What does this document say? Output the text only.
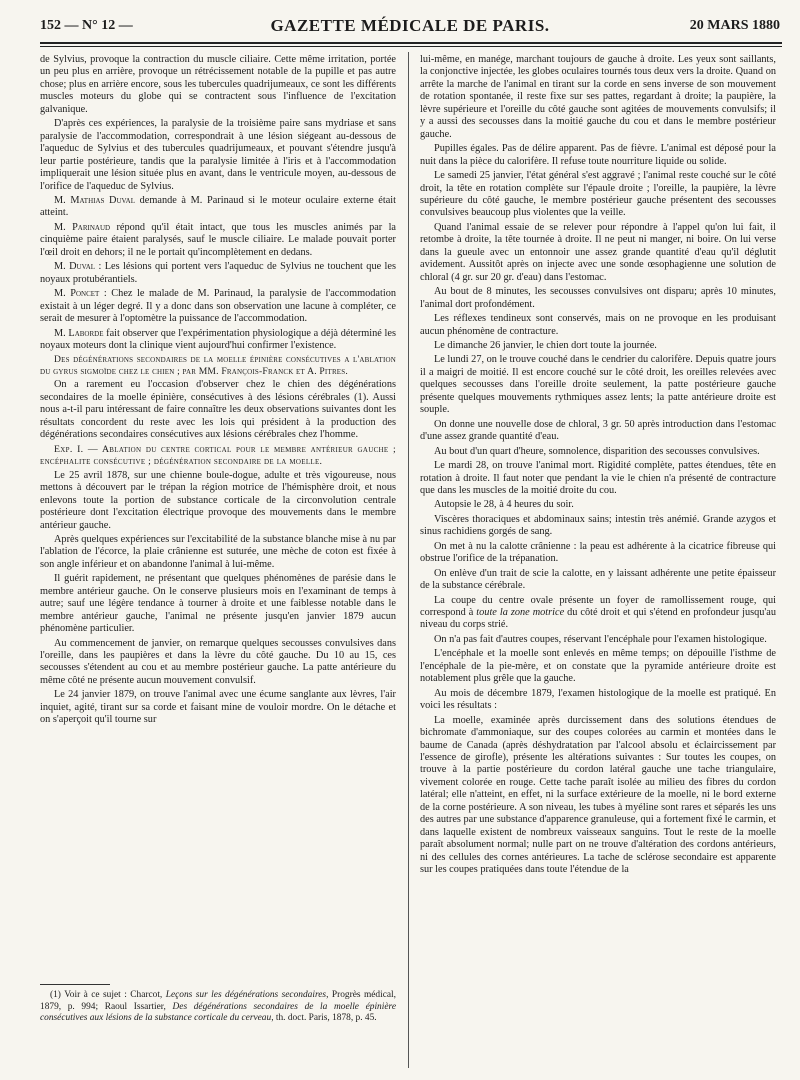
152 — N° 12 —	GAZETTE MÉDICALE DE PARIS.	20 MARS 1880

de Sylvius, provoque la contraction du muscle ciliaire. Cette même irritation, portée un peu plus en arrière, provoque un rétrécissement notable de la pupille et pas autre chose; plus en arrière encore, sous les tubercules quadrijumeaux, ce sont les différents muscles moteurs du globe qui se contractent sous l'influence de l'excitation galvanique.

D'après ces expériences, la paralysie de la troisième paire sans mydriase et sans paralysie de l'accommodation, correspondrait à une lésion siégeant au-dessous de l'aqueduc de Sylvius et des tubercules quadrijumeaux, et pouvant s'étendre jusqu'à leur partie postérieure, tandis que la paralysie limitée à l'iris et à l'accommodation impliquerait une lésion située plus en avant, dans le ventricule moyen, au-dessous de l'orifice de l'aqueduc de Sylvius.

M. Mathias Duval demande à M. Parinaud si le moteur oculaire externe était atteint.

M. Parinaud répond qu'il était intact, que tous les muscles animés par la cinquième paire étaient paralysés, sauf le muscle ciliaire. Le malade pouvait porter l'œil droit en dehors; il ne le portait qu'incomplètement en dedans.

M. Duval : Les lésions qui portent vers l'aqueduc de Sylvius ne touchent que les noyaux protubérantiels.

M. Poncet : Chez le malade de M. Parinaud, la paralysie de l'accommodation existait à un léger degré. Il y a donc dans son observation une lacune à compléter, ce serait de mesurer à l'optomètre la puissance de l'accommodation.

M. Laborde fait observer que l'expérimentation physiologique a déjà déterminé les noyaux moteurs dont la clinique vient aujourd'hui confirmer l'existence.

Des dégénérations secondaires de la moelle épinière consécutives a l'ablation du gyrus sigmoïde chez le chien ; par MM. François-Franck et A. Pitres.

On a rarement eu l'occasion d'observer chez le chien des dégénérations secondaires de la moelle épinière, consécutives à des lésions cérébrales (1). Aussi nous a-t-il paru intéressant de faire connaître les deux observations suivantes dont les résultats concordent du reste avec les lois qui président à la production des dégénérations secondaires consécutives aux lésions cérébrales chez l'homme.

Exp. I. — Ablation du centre cortical pour le membre antérieur gauche ; encéphalite consécutive ; dégénération secondaire de la moelle.

Le 25 avril 1878, sur une chienne boule-dogue, adulte et très vigoureuse, nous mettons à découvert par le trépan la région motrice de l'hémisphère droit, et nous enlevons toute la portion de substance corticale de la circonvolution centrale postérieure dont l'excitation électrique provoque des mouvements dans le membre antérieur gauche.

Après quelques expériences sur l'excitabilité de la substance blanche mise à nu par l'ablation de l'écorce, la plaie crânienne est suturée, une mèche de coton est fixée à son angle inférieur et on abandonne l'animal à lui-même.

Il guérit rapidement, ne présentant que quelques phénomènes de parésie dans le membre antérieur gauche. On le conserve plusieurs mois en l'examinant de temps à autre; sauf une légère tendance à tourner à droite et une faiblesse notable dans le membre antérieur gauche, l'animal ne présente jusqu'en janvier 1879 aucun phénomène particulier.

Au commencement de janvier, on remarque quelques secousses convulsives dans l'oreille, dans les paupières et dans la lèvre du côté gauche. Du 10 au 15, ces secousses s'étendent au cou et au membre postérieur gauche. La patte antérieure du même côté ne présente aucun mouvement convulsif.

Le 24 janvier 1879, on trouve l'animal avec une écume sanglante aux lèvres, l'air inquiet, agité, tirant sur sa corde et faisant mine de vouloir mordre. On le détache et on s'aperçoit qu'il tourne sur

(1) Voir à ce sujet : Charcot, Leçons sur les dégénérations secondaires, Progrès médical, 1879, p. 994; Raoul Issartier, Des dégénérations secondaires de la moelle épinière consécutives aux lésions de la substance corticale du cerveau, th. doct. Paris, 1878, p. 45.

lui-même, en manége, marchant toujours de gauche à droite. Les yeux sont saillants, la conjonctive injectée, les globes oculaires tournés tous deux vers la droite. Quand on arrête la marche de l'animal en tirant sur la corde en sens inverse de son mouvement de rotation spontanée, il reste fixe sur ses pattes, regardant à droite; la paupière, la lèvre supérieure et l'oreille du côté gauche sont agitées de mouvements convulsifs; il y a aussi des secousses dans la moitié gauche du cou et dans le membre postérieur gauche.

Pupilles égales. Pas de délire apparent. Pas de fièvre. L'animal est déposé pour la nuit dans la pièce du calorifère. Il refuse toute nourriture liquide ou solide.

Le samedi 25 janvier, l'état général s'est aggravé ; l'animal reste couché sur le côté droit, la tête en rotation complète sur l'épaule droite ; l'oreille, la paupière, la lèvre supérieure du côté gauche, le membre postérieur gauche présentent des secousses convulsives beaucoup plus violentes que la veille.

Quand l'animal essaie de se relever pour répondre à l'appel qu'on lui fait, il retombe à droite, la tête tournée à droite. Il ne peut ni manger, ni boire. On lui verse dans la gueule avec un entonnoir une assez grande quantité d'eau qu'il déglutit avidement. Aussitôt après on injecte avec une sonde œsophagienne une solution de chloral (4 gr. sur 20 gr. d'eau) dans l'estomac.

Au bout de 8 minutes, les secousses convulsives ont disparu; après 10 minutes, l'animal dort profondément.

Les réflexes tendineux sont conservés, mais on ne provoque en les produisant aucun phénomène de contracture.

Le dimanche 26 janvier, le chien dort toute la journée.

Le lundi 27, on le trouve couché dans le cendrier du calorifère. Depuis quatre jours il a maigri de moitié. Il est encore couché sur le côté droit, les oreilles relevées avec quelques secousses dans l'oreille droite seulement, la patte postérieure gauche présente quelques mouvements rythmiques assez lents; la patte antérieure droite est souple.

On donne une nouvelle dose de chloral, 3 gr. 50 après introduction dans l'estomac d'une assez grande quantité d'eau.

Au bout d'un quart d'heure, somnolence, disparition des secousses convulsives.

Le mardi 28, on trouve l'animal mort. Rigidité complète, pattes étendues, tête en rotation à droite. Il faut noter que pendant la vie le chien n'a présenté de contracture que dans les muscles de la moitié droite du cou.

Autopsie le 28, à 4 heures du soir.

Viscères thoraciques et abdominaux sains; intestin très anémié. Grande azygos et sinus rachidiens gorgés de sang.

On met à nu la calotte crânienne : la peau est adhérente à la cicatrice fibreuse qui obstrue l'orifice de la trépanation.

On enlève d'un trait de scie la calotte, en y laissant adhérente une petite épaisseur de la substance cérébrale.

La coupe du centre ovale présente un foyer de ramollissement rouge, qui correspond à toute la zone motrice du côté droit et qui s'étend en profondeur jusqu'au niveau du corps strié.

On n'a pas fait d'autres coupes, réservant l'encéphale pour l'examen histologique.

L'encéphale et la moelle sont enlevés en même temps; on dépouille l'isthme de l'encéphale de la pie-mère, et on constate que la pyramide antérieure droite est notablement plus grêle que la gauche.

Au mois de décembre 1879, l'examen histologique de la moelle est pratiqué. En voici les résultats :

La moelle, examinée après durcissement dans des solutions étendues de bichromate d'ammoniaque, sur des coupes colorées au carmin et montées dans le baume de Canada (après déshydratation par l'alcool absolu et éclaircissement par l'essence de girofle), présente les altérations suivantes : Sur toutes les coupes, on trouve à la partie postérieure du cordon latéral gauche une tache triangulaire, vivement colorée en rouge. Cette tache paraît isolée au milieu des fibres du cordon latéral; elle n'atteint, en effet, ni la surface extérieure de la moelle, ni le bord externe de la corne postérieure. A son niveau, les tubes à myéline sont rares et séparés les uns des autres par une substance d'apparence granuleuse, qui a fortement fixé le carmin, et dans laquelle existent de nombreux vaisseaux sanguins. Tout le reste de la moelle paraît absolument normal; nulle part on ne trouve d'altération des cordons antérieurs, ni des cellules des cornes antérieures. La tache de sclérose secondaire est apparente sur les coupes pratiquées dans toute l'étendue de la
